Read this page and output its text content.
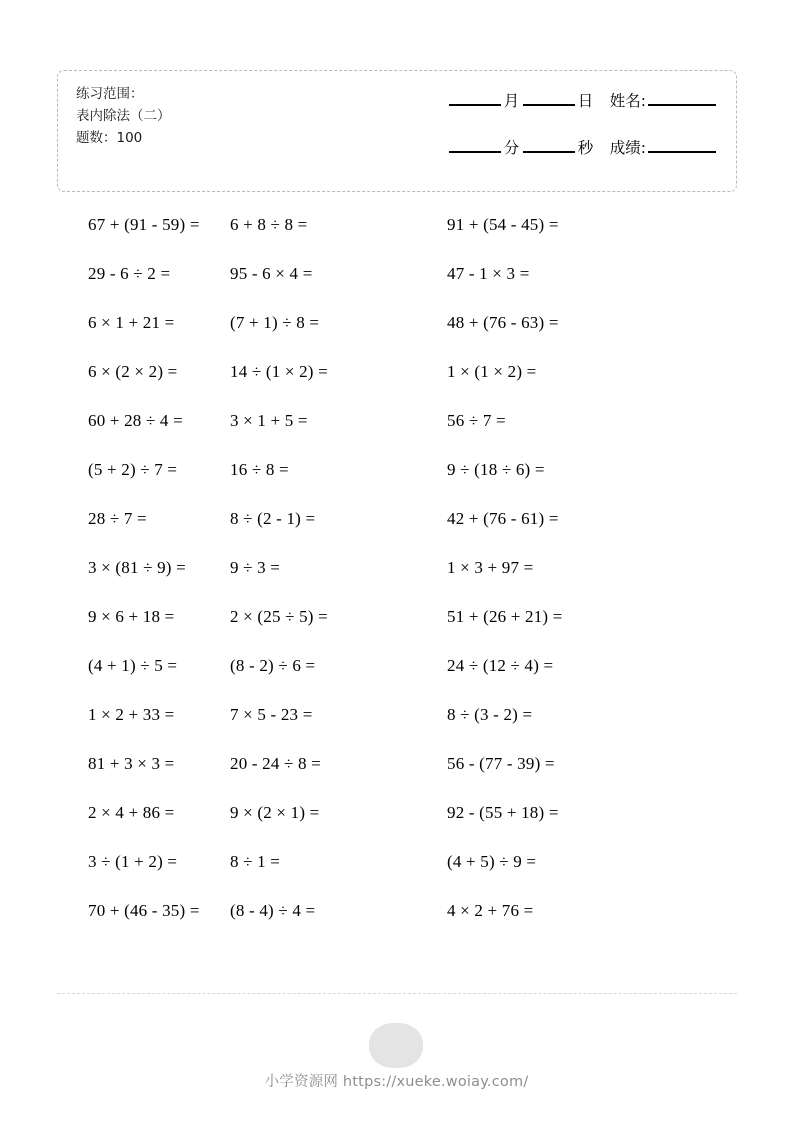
练习范围：
表内除法（二）
题数：100
月	日 姓名:
分	秒 成绩:
67 + (91 - 59) =
29 - 6 ÷ 2 =
6 × 1 + 21 =
6 × (2 × 2) =
60 + 28 ÷ 4 =
(5 + 2) ÷ 7 =
28 ÷ 7 =
3 × (81 ÷ 9) =
9 × 6 + 18 =
(4 + 1) ÷ 5 =
1 × 2 + 33 =
81 + 3 × 3 =
2 × 4 + 86 =
3 ÷ (1 + 2) =
70 + (46 - 35) =
6 + 8 ÷ 8 =
95 - 6 × 4 =
(7 + 1) ÷ 8 =
14 ÷ (1 × 2) =
3 × 1 + 5 =
16 ÷ 8 =
8 ÷ (2 - 1) =
9 ÷ 3 =
2 × (25 ÷ 5) =
(8 - 2) ÷ 6 =
7 × 5 - 23 =
20 - 24 ÷ 8 =
9 × (2 × 1) =
8 ÷ 1 =
(8 - 4) ÷ 4 =
91 + (54 - 45) =
47 - 1 × 3 =
48 + (76 - 63) =
1 × (1 × 2) =
56 ÷ 7 =
9 ÷ (18 ÷ 6) =
42 + (76 - 61) =
1 × 3 + 97 =
51 + (26 + 21) =
24 ÷ (12 ÷ 4) =
8 ÷ (3 - 2) =
56 - (77 - 39) =
92 - (55 + 18) =
(4 + 5) ÷ 9 =
4 × 2 + 76 =
小学资源网 https://xueke.woiay.com/
